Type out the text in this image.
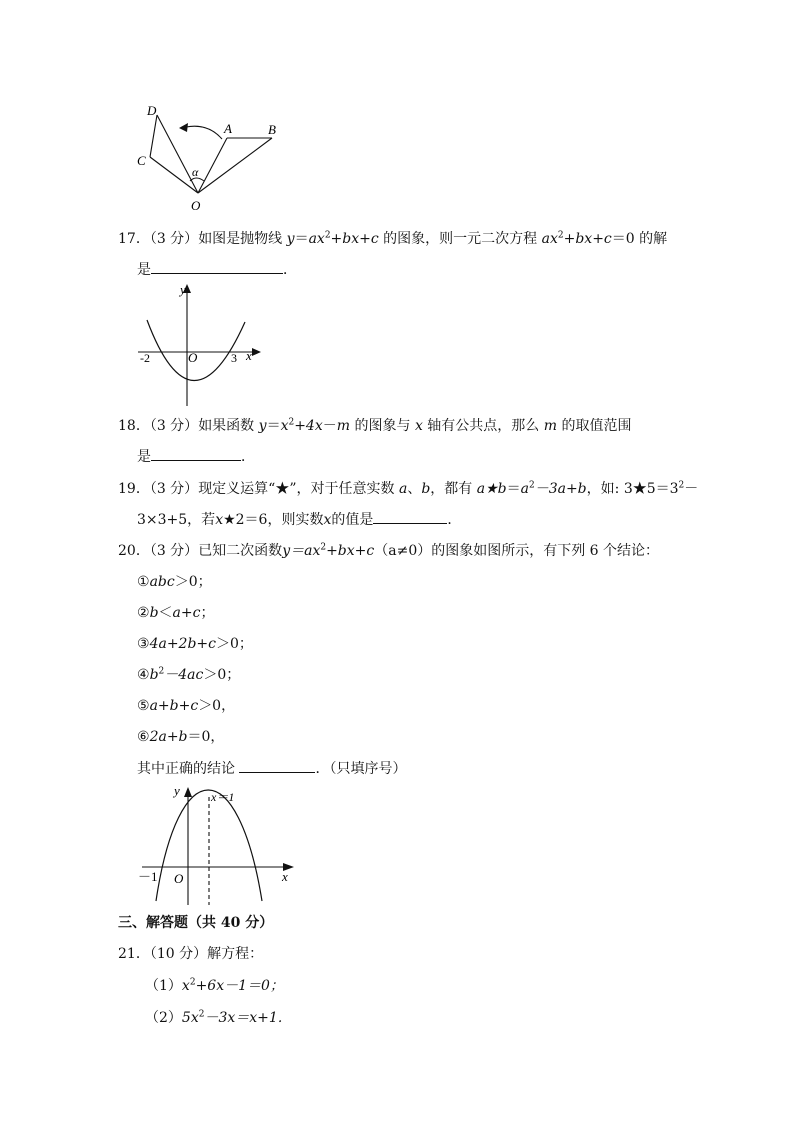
D
A	B
C
α
O
17．（3 分）如图是抛物线 $y=ax^2+bx+c$ 的图象，则一元二次方程 $ax^2+bx+c=0$ 的解
是	．
y
-2	O	3 x
18．（3 分）如果函数 $y=x^2+4x-m$ 的图象与 x 轴有公共点，那么 m 的取值范围
是	．
19．（3 分）现定义运算“★”，对于任意实数 a、b，都有 $a★b=a^2-3a+b$，如: $3★5=3^2-$
3×3+5，若x★2＝6，则实数x的值是	．
20．（3 分）已知二次函数$y=ax^2+bx+c(a\ne 0)$的图象如图所示，有下列 6 个结论：
①abc＞0；
②b＜a+c；
③4a+2b+c＞0；
$④b^2-4ac>0$；
⑤a+b+c＞0，
⑥2a+b＝0，
其中正确的结论	．（只填序号）
y	x＝1
－1 O	x
三、解答题（共 40 分）
21．（10 分）解方程：
$(1)x^2+6x-1=0$；
$(2)5x^2-3x=x+1$．
